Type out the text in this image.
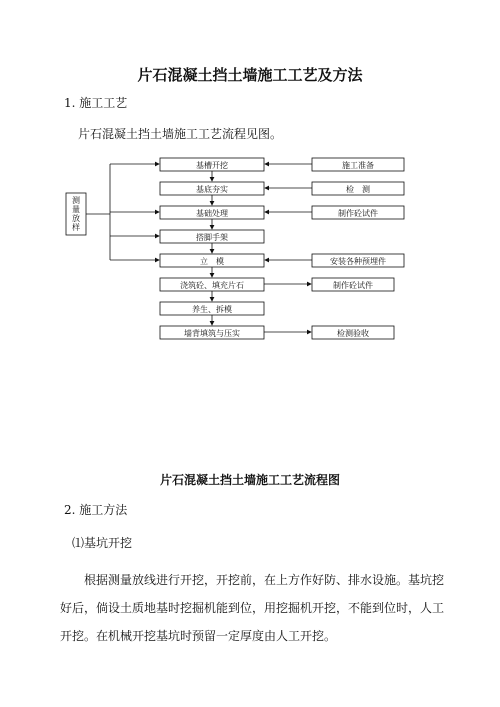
片石混凝土挡土墙施工工艺及方法
1. 施工工艺
片石混凝土挡土墙施工工艺流程见图。
测
量
放
样
基槽开挖
基底夯实
基础处理
搭脚手架
立　模
浇筑砼、填充片石
养生、拆模
墙背填筑与压实
施工准备
检　测
制作砼试件
安装各种预埋件
制作砼试件
检测验收
片石混凝土挡土墙施工工艺流程图
2. 施工方法
⑴基坑开挖
根据测量放线进行开挖，开挖前，在上方作好防、排水设施。基坑挖好后，倘设土质地基时挖掘机能到位，用挖掘机开挖，不能到位时，人工开挖。在机械开挖基坑时预留一定厚度由人工开挖。
